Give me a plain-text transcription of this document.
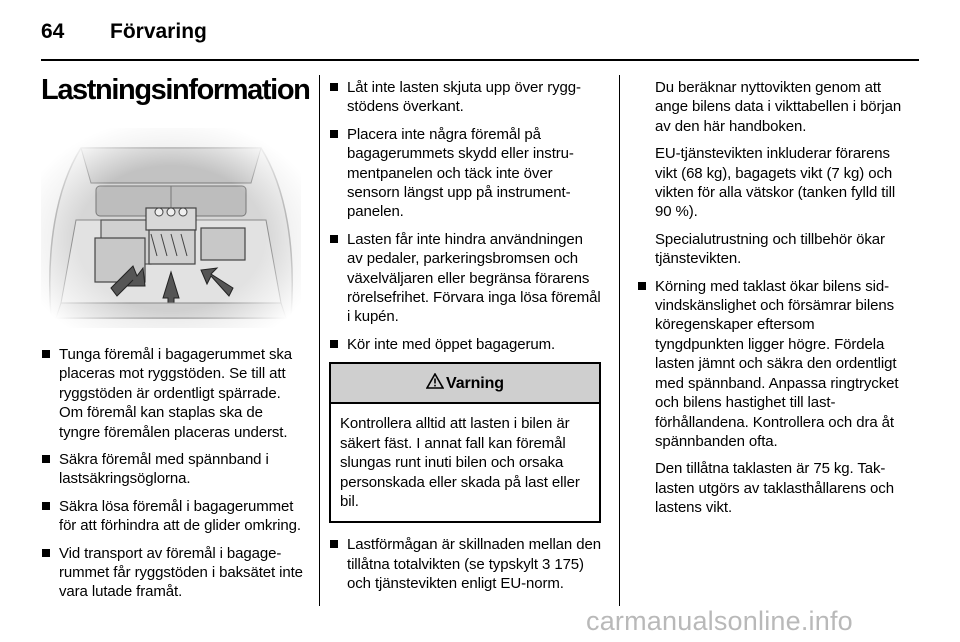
64 Förvaring
Lastningsinformation
Tunga föremål i bagagerummet ska placeras mot ryggstöden. Se till att ryggstöden är ordentligt spärrade. Om föremål kan staplas ska de tyngre föremålen placeras underst.
Säkra föremål med spännband i lastsäkringsöglorna.
Säkra lösa föremål i bagagerummet för att förhindra att de glider omkring.
Vid transport av föremål i bagagerummet får ryggstöden i baksätet inte vara lutade framåt.
Låt inte lasten skjuta upp över ryggstödens överkant.
Placera inte några föremål på bagagerummets skydd eller instrumentpanelen och täck inte över sensorn längst upp på instrumentpanelen.
Lasten får inte hindra användningen av pedaler, parkeringsbromsen och växelväljaren eller begränsa förarens rörelsefrihet. Förvara inga lösa föremål i kupén.
Kör inte med öppet bagagerum.
Varning
Kontrollera alltid att lasten i bilen är säkert fäst. I annat fall kan föremål slungas runt inuti bilen och orsaka personskada eller skada på last eller bil.
Lastförmågan är skillnaden mellan den tillåtna totalvikten (se typskylt 3 175) och tjänstevikten enligt EU-norm.

Du beräknar nyttovikten genom att ange bilens data i vikttabellen i början av den här handboken.

EU-tjänstevikten inkluderar förarens vikt (68 kg), bagagets vikt (7 kg) och vikten för alla vätskor (tanken fylld till 90 %).

Specialutrustning och tillbehör ökar tjänstevikten.

Körning med taklast ökar bilens sidvindskänslighet och försämrar bilens köregenskaper eftersom tyngdpunkten ligger högre. Fördela lasten jämnt och säkra den ordentligt med spännband. Anpassa ringtrycket och bilens hastighet till lastförhållandena. Kontrollera och dra åt spännbanden ofta.

Den tillåtna taklasten är 75 kg. Taklasten utgörs av taklasthållarens och lastens vikt.

carmanualsonline.info
